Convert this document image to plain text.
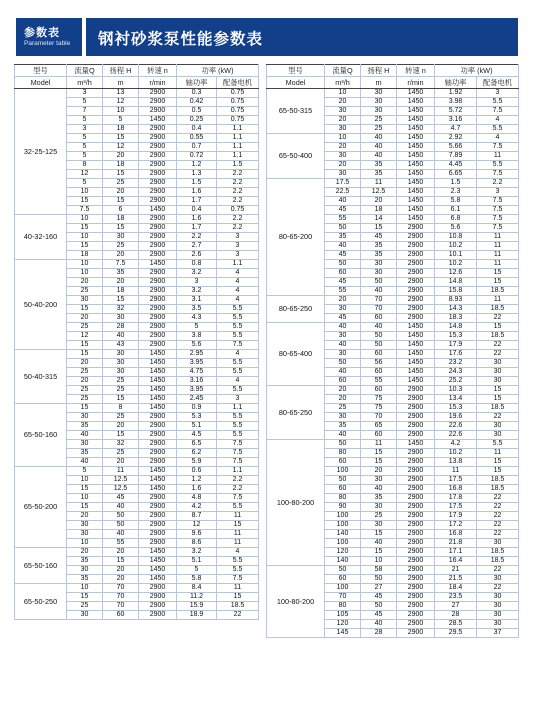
参数表
Parameter table 钢衬砂浆泵性能参数表
型号	流量Q	扬程 H	转速 n	功率 (kW)	
Model	m³/h	m	r/min	轴功率	配备电机
32-25-125	3	13	2900	0.3	0.75
	5	12	2900	0.42	0.75
	7	10	2900	0.5	0.75
	5	5	1450	0.25	0.75
	3	18	2900	0.4	1.1
	5	15	2900	0.55	1.1
	5	12	2900	0.7	1.1
	5	20	2900	0.72	1.1
	8	18	2900	1.2	1.5
	12	15	2900	1.3	2.2
	5	25	2900	1.5	2.2
	10	20	2900	1.6	2.2
	15	15	2900	1.7	2.2
	7.5	6	1450	0.4	0.75
40-32-160	10	18	2900	1.6	2.2
	15	15	2900	1.7	2.2
	10	30	2900	2.2	3
	15	25	2900	2.7	3
	18	20	2900	2.6	3
50-40-200	10	7.5	1450	0.8	1.1
	10	35	2900	3.2	4
	20	20	2900	3	4
	25	18	2900	3.2	4
	30	15	2900	3.1	4
	15	32	2900	3.5	5.5
	20	30	2900	4.3	5.5
	25	28	2900	5	5.5
	12	40	2900	3.8	5.5
	15	43	2900	5.6	7.5
50-40-315	15	30	1450	2.95	4
	20	30	1450	3.95	5.5
	25	30	1450	4.75	5.5
	20	25	1450	3.16	4
	25	25	1450	3.95	5.5
	25	15	1450	2.45	3
65-50-160	15	8	1450	0.9	1.1
	30	25	2900	5.3	5.5
	35	20	2900	5.1	5.5
	40	15	2900	4.5	5.5
	30	32	2900	6.5	7.5
	35	25	2900	6.2	7.5
	40	20	2900	5.9	7.5
65-50-200	5	11	1450	0.6	1.1
	10	12.5	1450	1.2	2.2
	15	12.5	1450	1.6	2.2
	10	45	2900	4.8	7.5
	15	40	2900	4.2	5.5
	20	50	2900	8.7	11
	30	50	2900	12	15
	30	40	2900	9.6	11
	10	55	2900	8.6	11
65-50-160	20	20	1450	3.2	4
	35	15	1450	5.1	5.5
	30	20	1450	5	5.5
	35	20	1450	5.8	7.5
65-50-250	10	70	2900	8.4	11
	15	70	2900	11.2	15
	25	70	2900	15.9	18.5
	30	60	2900	18.9	22
型号	流量Q	扬程 H	转速 n	功率 (kW)	
Model	m³/h	m	r/min	轴功率	配备电机
65-50-315	10	30	1450	1.92	3
	20	30	1450	3.98	5.5
	30	30	1450	5.72	7.5
	20	25	1450	3.16	4
	30	25	1450	4.7	5.5
65-50-400	10	40	1450	2.92	4
	20	40	1450	5.66	7.5
	30	40	1450	7.89	11
	20	35	1450	4.45	5.5
	30	35	1450	6.65	7.5
80-65-200	17.5	11	1450	1.5	2.2
	22.5	12.5	1450	2.3	3
	40	20	1450	5.8	7.5
	45	18	1450	6.1	7.5
	55	14	1450	6.8	7.5
	50	15	2900	5.6	7.5
	35	45	2900	10.8	11
	40	35	2900	10.2	11
	45	35	2900	10.1	11
	50	30	2900	10.2	11
	60	30	2900	12.6	15
	45	50	2900	14.8	15
	55	40	2900	15.8	18.5
80-65-250	20	70	2900	8.93	11
	30	70	2900	14.3	18.5
	45	60	2900	18.3	22
80-65-400	40	40	1450	14.8	15
	30	50	1450	15.3	18.5
	40	50	1450	17.9	22
	30	60	1450	17.6	22
	50	56	1450	23.2	30
	40	60	1450	24.3	30
	60	55	1450	25.2	30
80-65-250	20	60	2900	10.3	15
	20	75	2900	13.4	15
	25	75	2900	15.3	18.5
	30	70	2900	19.6	22
	35	65	2900	22.6	30
	40	60	2900	22.6	30
100-80-200	50	11	1450	4.2	5.5
	80	15	2900	10.2	11
	60	15	2900	13.8	15
	100	20	2900	11	15
	50	30	2900	17.5	18.5
	60	40	2900	16.8	18.5
	80	35	2900	17.8	22
	90	30	2900	17.5	22
	100	25	2900	17.9	22
	100	30	2900	17.2	22
	140	15	2900	16.8	22
	100	40	2900	21.8	30
	120	15	2900	17.1	18.5
	140	10	2900	16.4	18.5
100-80-200	50	58	2900	21	22
	60	50	2900	21.5	30
	100	27	2900	18.4	22
	70	45	2900	23.5	30
	80	50	2900	27	30
	105	45	2900	28	30
	120	40	2900	28.5	30
	145	28	2900	29.5	37
